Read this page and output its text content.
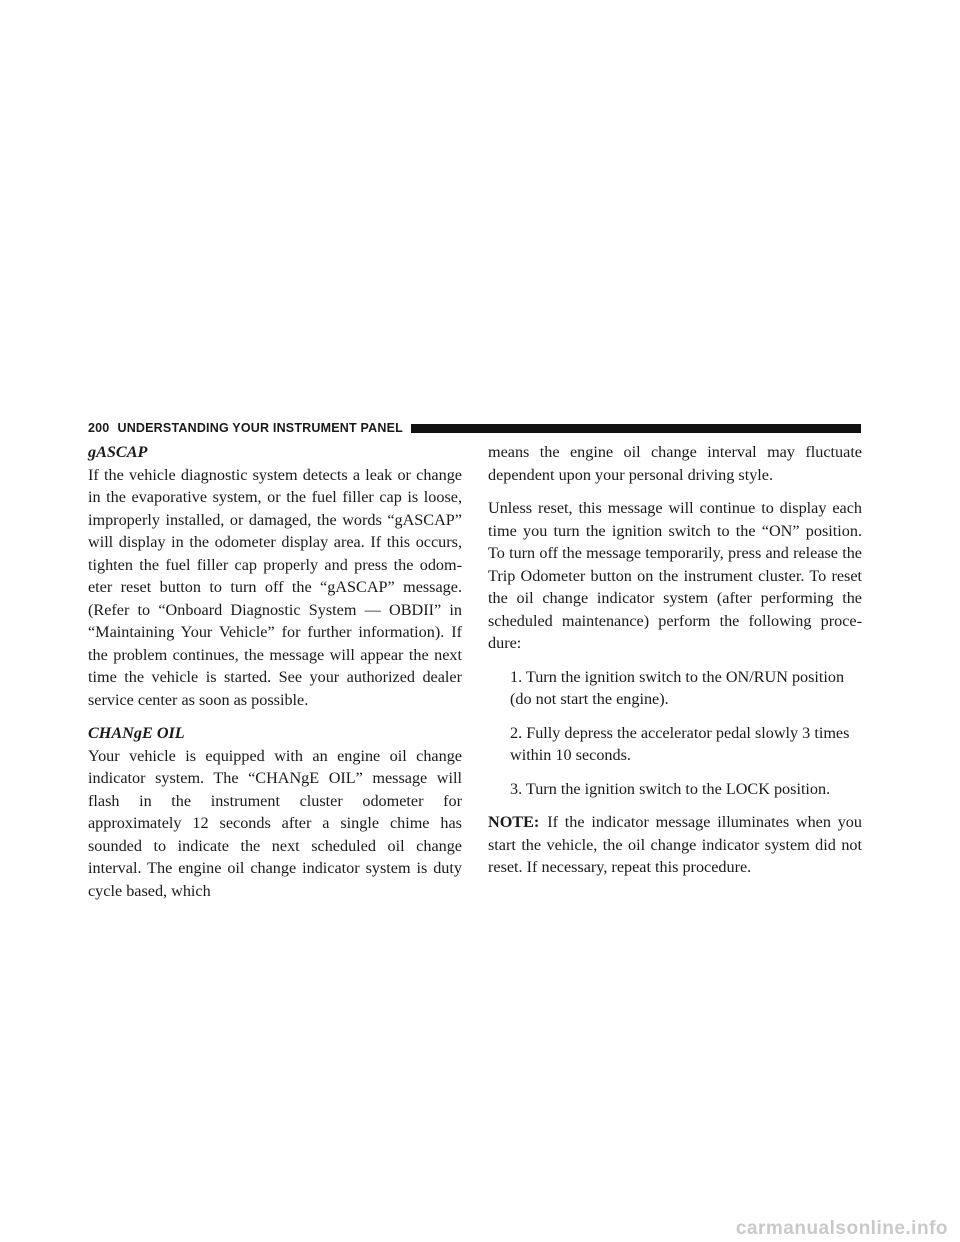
200 UNDERSTANDING YOUR INSTRUMENT PANEL

gASCAP

If the vehicle diagnostic system detects a leak or change in the evaporative system, or the fuel filler cap is loose, improperly installed, or damaged, the words “gASCAP” will display in the odometer display area. If this occurs, tighten the fuel filler cap properly and press the odom-eter reset button to turn off the “gASCAP” message. (Refer to “Onboard Diagnostic System — OBDII” in “Maintaining Your Vehicle” for further information). If the problem continues, the message will appear the next time the vehicle is started. See your authorized dealer service center as soon as possible.

CHANgE OIL

Your vehicle is equipped with an engine oil change indicator system. The “CHANgE OIL” message will flash in the instrument cluster odometer for approximately 12 seconds after a single chime has sounded to indicate the next scheduled oil change interval. The engine oil change indicator system is duty cycle based, which

means the engine oil change interval may fluctuate dependent upon your personal driving style.

Unless reset, this message will continue to display each time you turn the ignition switch to the “ON” position. To turn off the message temporarily, press and release the Trip Odometer button on the instrument cluster. To reset the oil change indicator system (after performing the scheduled maintenance) perform the following proce-dure:

1. Turn the ignition switch to the ON/RUN position (do not start the engine).

2. Fully depress the accelerator pedal slowly 3 times within 10 seconds.

3. Turn the ignition switch to the LOCK position.

NOTE: If the indicator message illuminates when you start the vehicle, the oil change indicator system did not reset. If necessary, repeat this procedure.

carmanualsonline.info
